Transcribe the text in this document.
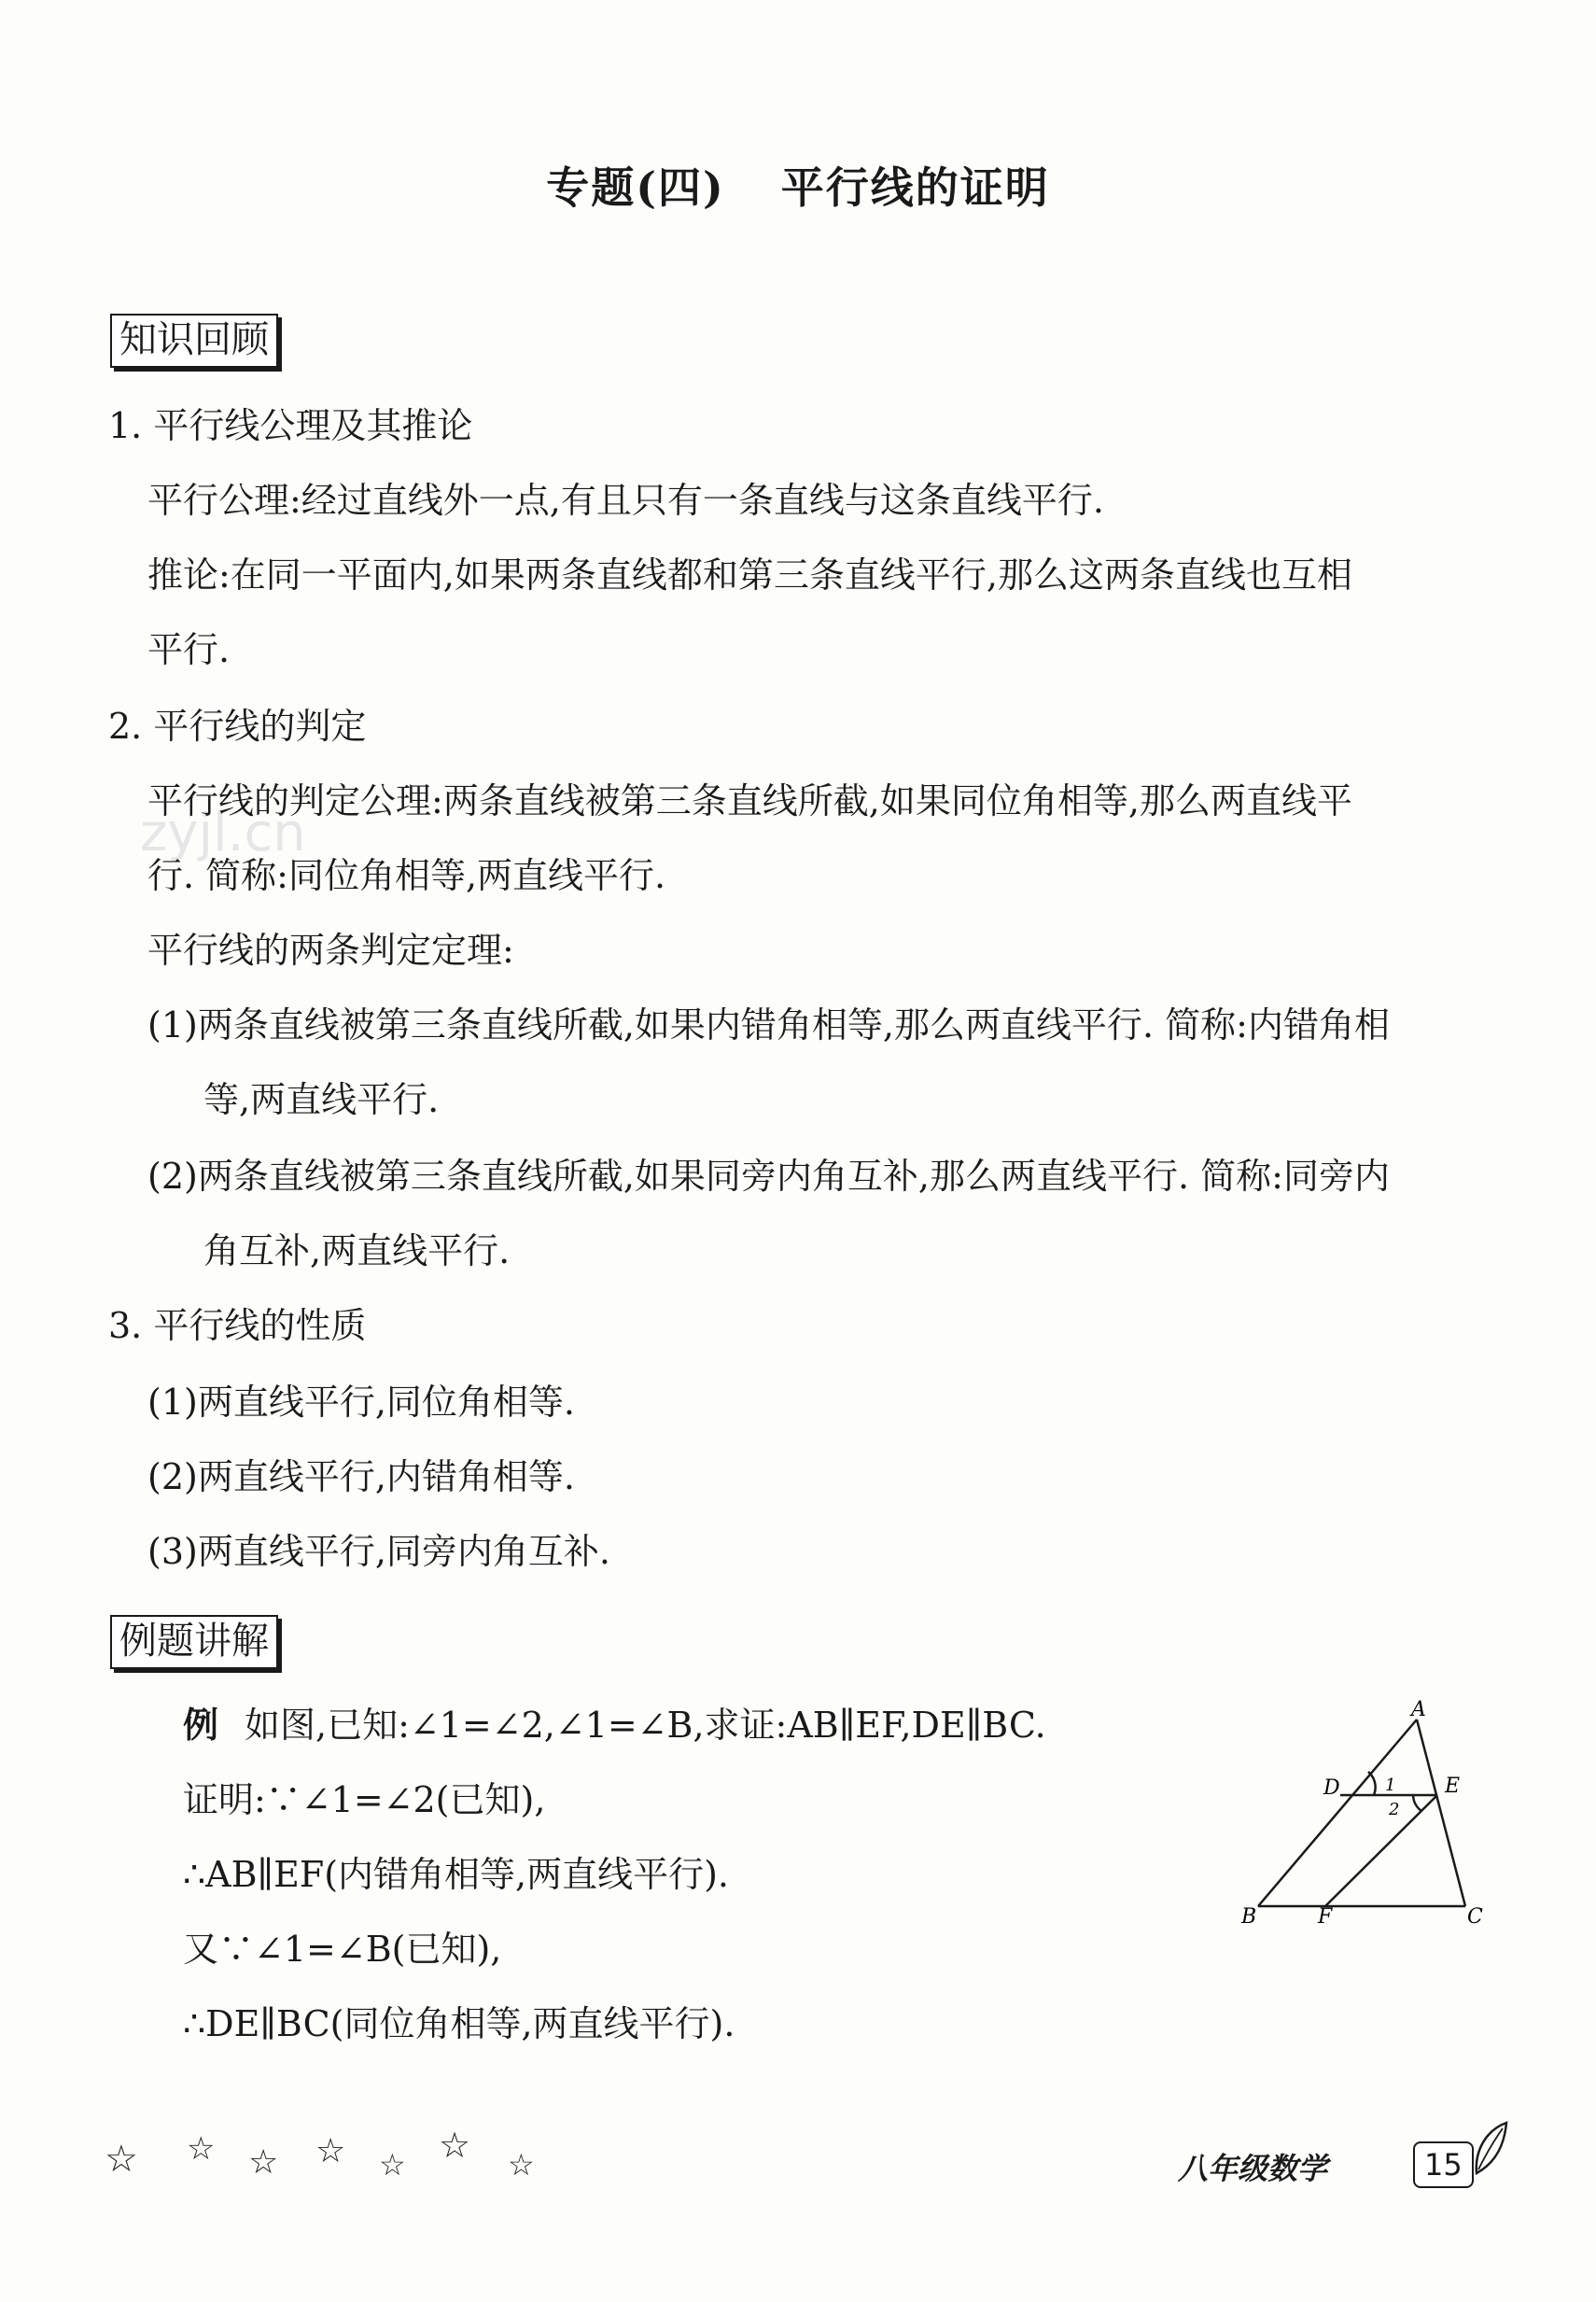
zyjl.cn
专题(四) 平行线的证明
知识回顾
1. 平行线公理及其推论
平行公理:经过直线外一点,有且只有一条直线与这条直线平行.
推论:在同一平面内,如果两条直线都和第三条直线平行,那么这两条直线也互相
平行.
2. 平行线的判定
平行线的判定公理:两条直线被第三条直线所截,如果同位角相等,那么两直线平
行. 简称:同位角相等,两直线平行.
平行线的两条判定定理:
(1)两条直线被第三条直线所截,如果内错角相等,那么两直线平行. 简称:内错角相
等,两直线平行.
(2)两条直线被第三条直线所截,如果同旁内角互补,那么两直线平行. 简称:同旁内
角互补,两直线平行.
3. 平行线的性质
(1)两直线平行,同位角相等.
(2)两直线平行,内错角相等.
(3)两直线平行,同旁内角互补.
例题讲解
例 如图,已知:∠1=∠2,∠1=∠B,求证:AB∥EF,DE∥BC.
证明:∵∠1=∠2(已知),
∴AB∥EF(内错角相等,两直线平行).
又∵∠1=∠B(已知),
∴DE∥BC(同位角相等,两直线平行).
A
D	E
B	F	C
1
2
☆ ☆ ☆ ☆ ☆ ☆ ☆	八年级数学	15
